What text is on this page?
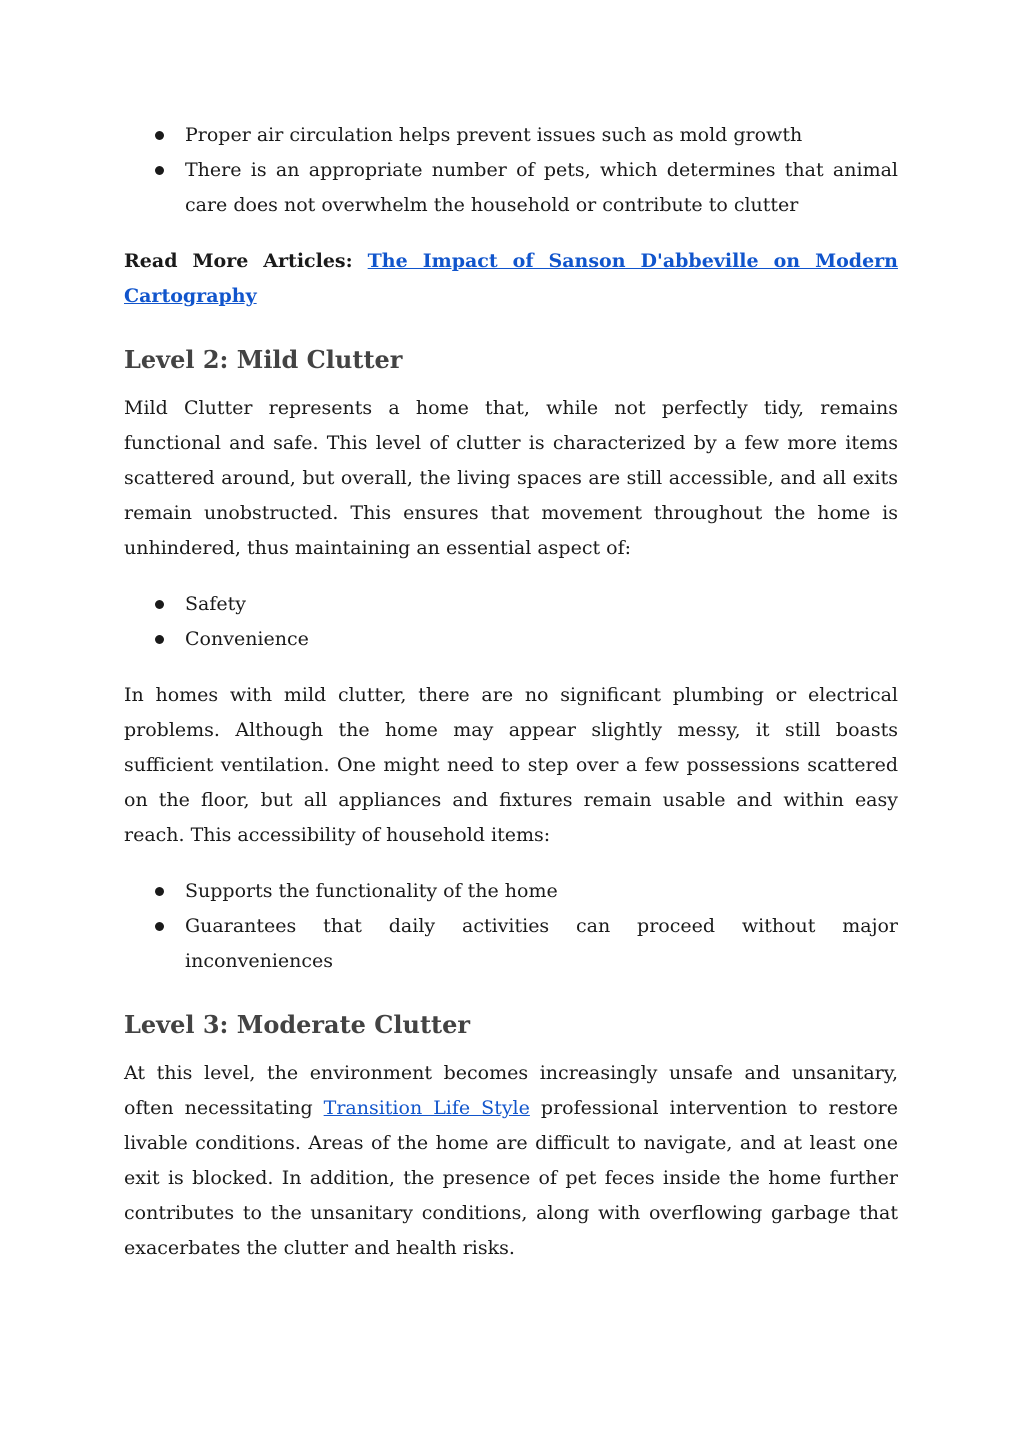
Proper air circulation helps prevent issues such as mold growth
There is an appropriate number of pets, which determines that animal care does not overwhelm the household or contribute to clutter

Read More Articles: The Impact of Sanson D'abbeville on Modern Cartography

Level 2: Mild Clutter

Mild Clutter represents a home that, while not perfectly tidy, remains functional and safe. This level of clutter is characterized by a few more items scattered around, but overall, the living spaces are still accessible, and all exits remain unobstructed. This ensures that movement throughout the home is unhindered, thus maintaining an essential aspect of:

Safety
Convenience

In homes with mild clutter, there are no significant plumbing or electrical problems. Although the home may appear slightly messy, it still boasts sufficient ventilation. One might need to step over a few possessions scattered on the floor, but all appliances and fixtures remain usable and within easy reach. This accessibility of household items:

Supports the functionality of the home
Guarantees that daily activities can proceed without major inconveniences
Level 3: Moderate Clutter

At this level, the environment becomes increasingly unsafe and unsanitary, often necessitating Transition Life Style professional intervention to restore livable conditions. Areas of the home are difficult to navigate, and at least one exit is blocked. In addition, the presence of pet feces inside the home further contributes to the unsanitary conditions, along with overflowing garbage that exacerbates the clutter and health risks.
